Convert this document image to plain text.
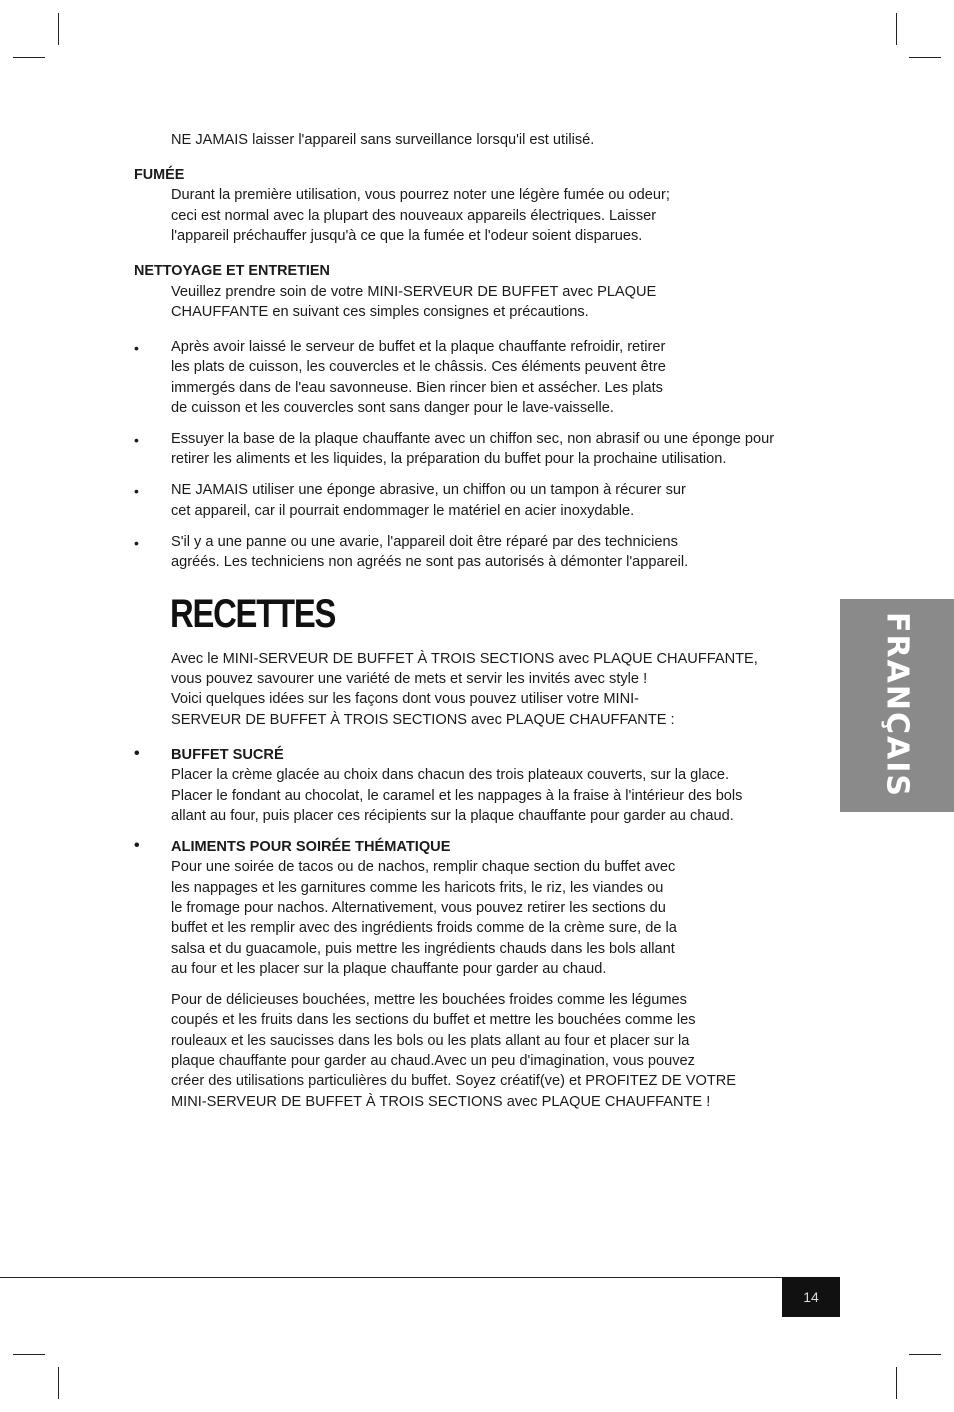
NE JAMAIS laisser l'appareil sans surveillance lorsqu'il est utilisé.
FUMÉE
Durant la première utilisation, vous pourrez noter une légère fumée ou odeur;
ceci est normal avec la plupart des nouveaux appareils électriques. Laisser
l'appareil préchauffer jusqu'à ce que la fumée et l'odeur soient disparues.
NETTOYAGE ET ENTRETIEN
Veuillez prendre soin de votre MINI-SERVEUR DE BUFFET avec PLAQUE
CHAUFFANTE en suivant ces simples consignes et précautions.
• Après avoir laissé le serveur de buffet et la plaque chauffante refroidir, retirer
les plats de cuisson, les couvercles et le châssis. Ces éléments peuvent être
immergés dans de l'eau savonneuse. Bien rincer bien et assécher. Les plats
de cuisson et les couvercles sont sans danger pour le lave-vaisselle.
• Essuyer la base de la plaque chauffante avec un chiffon sec, non abrasif ou une éponge pour
retirer les aliments et les liquides, la préparation du buffet pour la prochaine utilisation.
• NE JAMAIS utiliser une éponge abrasive, un chiffon ou un tampon à récurer sur
cet appareil, car il pourrait endommager le matériel en acier inoxydable.
• S'il y a une panne ou une avarie, l'appareil doit être réparé par des techniciens
agréés. Les techniciens non agréés ne sont pas autorisés à démonter l'appareil.
RECETTES
Avec le MINI-SERVEUR DE BUFFET À TROIS SECTIONS avec PLAQUE CHAUFFANTE,
vous pouvez savourer une variété de mets et servir les invités avec style !
Voici quelques idées sur les façons dont vous pouvez utiliser votre MINI-
SERVEUR DE BUFFET À TROIS SECTIONS avec PLAQUE CHAUFFANTE :
• BUFFET SUCRÉ
Placer la crème glacée au choix dans chacun des trois plateaux couverts, sur la glace.
Placer le fondant au chocolat, le caramel et les nappages à la fraise à l'intérieur des bols
allant au four, puis placer ces récipients sur la plaque chauffante pour garder au chaud.
• ALIMENTS POUR SOIRÉE THÉMATIQUE
Pour une soirée de tacos ou de nachos, remplir chaque section du buffet avec
les nappages et les garnitures comme les haricots frits, le riz, les viandes ou
le fromage pour nachos. Alternativement, vous pouvez retirer les sections du
buffet et les remplir avec des ingrédients froids comme de la crème sure, de la
salsa et du guacamole, puis mettre les ingrédients chauds dans les bols allant
au four et les placer sur la plaque chauffante pour garder au chaud.
Pour de délicieuses bouchées, mettre les bouchées froides comme les légumes
coupés et les fruits dans les sections du buffet et mettre les bouchées comme les
rouleaux et les saucisses dans les bols ou les plats allant au four et placer sur la
plaque chauffante pour garder au chaud.Avec un peu d'imagination, vous pouvez
créer des utilisations particulières du buffet. Soyez créatif(ve) et PROFITEZ DE VOTRE
MINI-SERVEUR DE BUFFET À TROIS SECTIONS avec PLAQUE CHAUFFANTE !
FRANÇAIS
14
